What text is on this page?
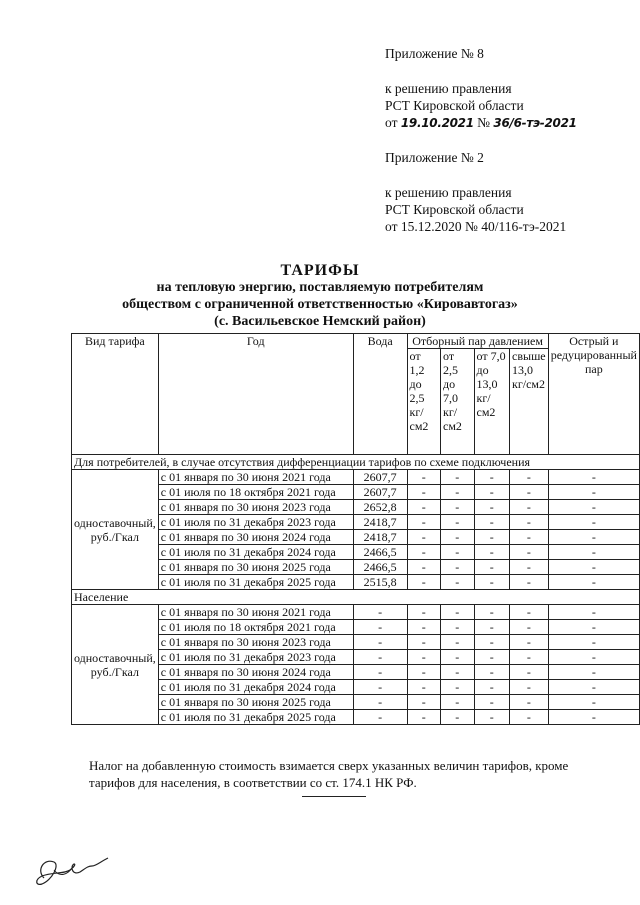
Приложение № 8
к решению правления
РСТ Кировской области
от 19.10.2021 № 36/6-тэ-2021
Приложение № 2
к решению правления
РСТ Кировской области
от 15.12.2020 № 40/116-тэ-2021
ТАРИФЫ
на тепловую энергию, поставляемую потребителям
обществом с ограниченной ответственностью «Кировавтогаз»
(с. Васильевское Немский район)
Вид тарифа	Год	Вода	Отборный пар давлением				Острый и редуцированный пар
			от 1,2 до 2,5 кг/см2	от 2,5 до 7,0 кг/см2	от 7,0 до 13,0 кг/см2	свыше 13,0 кг/см2	
Для потребителей, в случае отсутствия дифференциации тарифов по схеме подключения							
одноставочный, руб./Гкал	с 01 января по 30 июня 2021 года	2607,7	-	-	-	-	-
	с 01 июля по 18 октября 2021 года	2607,7	-	-	-	-	-
	с 01 января по 30 июня 2023 года	2652,8	-	-	-	-	-
	с 01 июля по 31 декабря 2023 года	2418,7	-	-	-	-	-
	с 01 января по 30 июня 2024 года	2418,7	-	-	-	-	-
	с 01 июля по 31 декабря 2024 года	2466,5	-	-	-	-	-
	с 01 января по 30 июня 2025 года	2466,5	-	-	-	-	-
	с 01 июля по 31 декабря 2025 года	2515,8	-	-	-	-	-
Население							
одноставочный, руб./Гкал	с 01 января по 30 июня 2021 года	-	-	-	-	-	-
	с 01 июля по 18 октября 2021 года	-	-	-	-	-	-
	с 01 января по 30 июня 2023 года	-	-	-	-	-	-
	с 01 июля по 31 декабря 2023 года	-	-	-	-	-	-
	с 01 января по 30 июня 2024 года	-	-	-	-	-	-
	с 01 июля по 31 декабря 2024 года	-	-	-	-	-	-
	с 01 января по 30 июня 2025 года	-	-	-	-	-	-
	с 01 июля по 31 декабря 2025 года	-	-	-	-	-	-
Налог на добавленную стоимость взимается сверх указанных величин тарифов, кроме
тарифов для населения, в соответствии со ст. 174.1 НК РФ.
